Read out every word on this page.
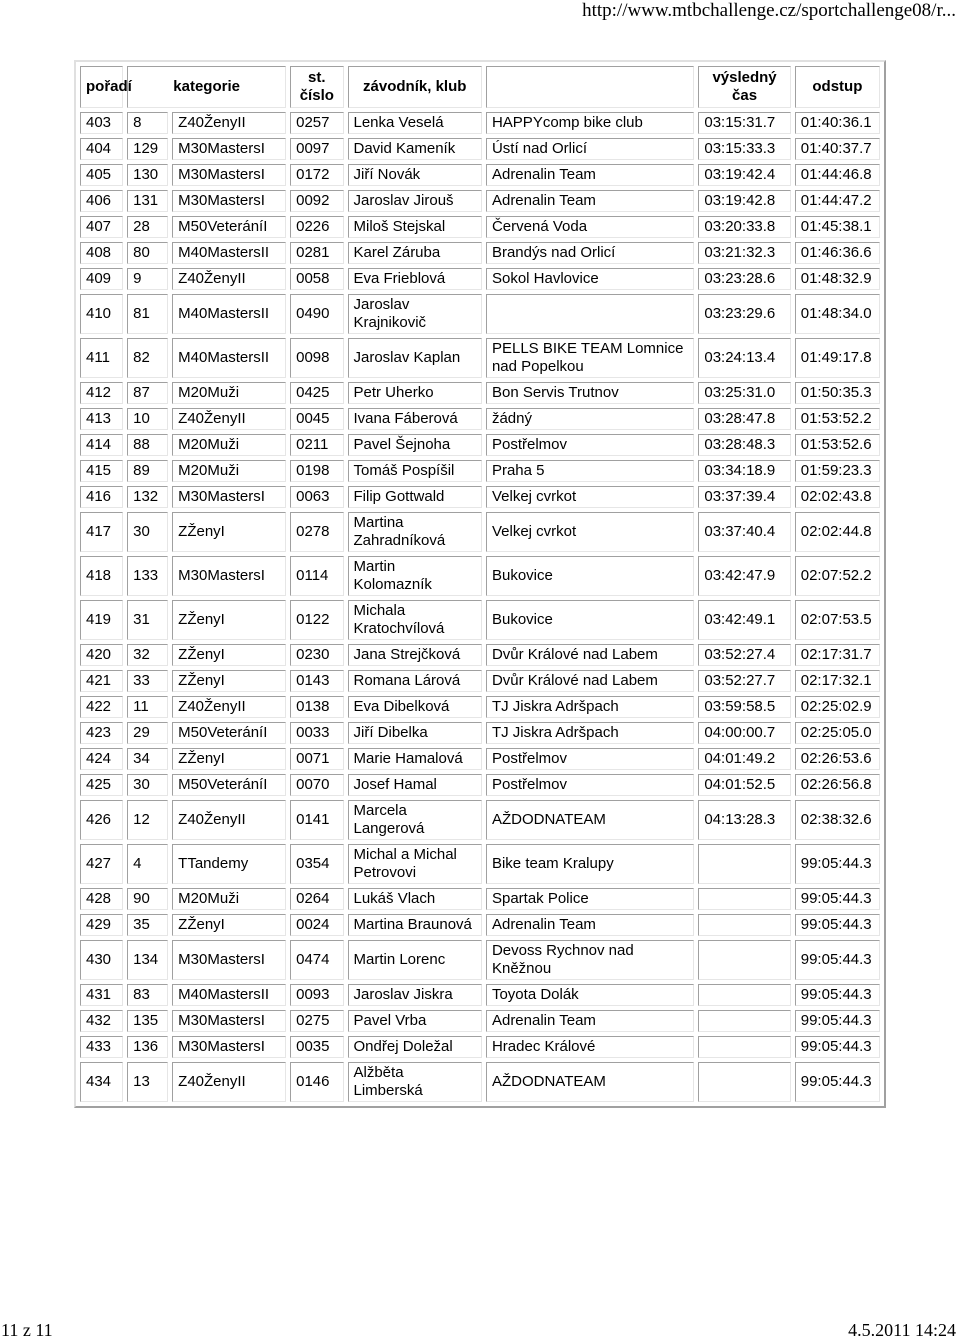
http://www.mtbchallenge.cz/sportchallenge08/r...
pořadí	kategorie		st. číslo	závodník, klub		výsledný čas	odstup
403	8	Z40ŽenyII	0257	Lenka Veselá	HAPPYcomp bike club	03:15:31.7	01:40:36.1
404	129	M30MastersI	0097	David Kameník	Ústí nad Orlicí	03:15:33.3	01:40:37.7
405	130	M30MastersI	0172	Jiří Novák	Adrenalin Team	03:19:42.4	01:44:46.8
406	131	M30MastersI	0092	Jaroslav Jirouš	Adrenalin Team	03:19:42.8	01:44:47.2
407	28	M50VeteráníI	0226	Miloš Stejskal	Červená Voda	03:20:33.8	01:45:38.1
408	80	M40MastersII	0281	Karel Záruba	Brandýs nad Orlicí	03:21:32.3	01:46:36.6
409	9	Z40ŽenyII	0058	Eva Frieblová	Sokol Havlovice	03:23:28.6	01:48:32.9
410	81	M40MastersII	0490	Jaroslav Krajnikovič		03:23:29.6	01:48:34.0
411	82	M40MastersII	0098	Jaroslav Kaplan	PELLS BIKE TEAM Lomnice nad Popelkou	03:24:13.4	01:49:17.8
412	87	M20Muži	0425	Petr Uherko	Bon Servis Trutnov	03:25:31.0	01:50:35.3
413	10	Z40ŽenyII	0045	Ivana Fáberová	žádný	03:28:47.8	01:53:52.2
414	88	M20Muži	0211	Pavel Šejnoha	Postřelmov	03:28:48.3	01:53:52.6
415	89	M20Muži	0198	Tomáš Pospíšil	Praha 5	03:34:18.9	01:59:23.3
416	132	M30MastersI	0063	Filip Gottwald	Velkej cvrkot	03:37:39.4	02:02:43.8
417	30	ZŽenyI	0278	Martina Zahradníková	Velkej cvrkot	03:37:40.4	02:02:44.8
418	133	M30MastersI	0114	Martin Kolomazník	Bukovice	03:42:47.9	02:07:52.2
419	31	ZŽenyI	0122	Michala Kratochvílová	Bukovice	03:42:49.1	02:07:53.5
420	32	ZŽenyI	0230	Jana Strejčková	Dvůr Králové nad Labem	03:52:27.4	02:17:31.7
421	33	ZŽenyI	0143	Romana Lárová	Dvůr Králové nad Labem	03:52:27.7	02:17:32.1
422	11	Z40ŽenyII	0138	Eva Dibelková	TJ Jiskra Adršpach	03:59:58.5	02:25:02.9
423	29	M50VeteráníI	0033	Jiří Dibelka	TJ Jiskra Adršpach	04:00:00.7	02:25:05.0
424	34	ZŽenyI	0071	Marie Hamalová	Postřelmov	04:01:49.2	02:26:53.6
425	30	M50VeteráníI	0070	Josef Hamal	Postřelmov	04:01:52.5	02:26:56.8
426	12	Z40ŽenyII	0141	Marcela Langerová	AŽDODNATEAM	04:13:28.3	02:38:32.6
427	4	TTandemy	0354	Michal a Michal Petrovovi	Bike team Kralupy		99:05:44.3
428	90	M20Muži	0264	Lukáš Vlach	Spartak Police		99:05:44.3
429	35	ZŽenyI	0024	Martina Braunová	Adrenalin Team		99:05:44.3
430	134	M30MastersI	0474	Martin Lorenc	Devoss Rychnov nad Kněžnou		99:05:44.3
431	83	M40MastersII	0093	Jaroslav Jiskra	Toyota Dolák		99:05:44.3
432	135	M30MastersI	0275	Pavel Vrba	Adrenalin Team		99:05:44.3
433	136	M30MastersI	0035	Ondřej Doležal	Hradec Králové		99:05:44.3
434	13	Z40ŽenyII	0146	Alžběta Limberská	AŽDODNATEAM		99:05:44.3
11 z 11	4.5.2011 14:24
